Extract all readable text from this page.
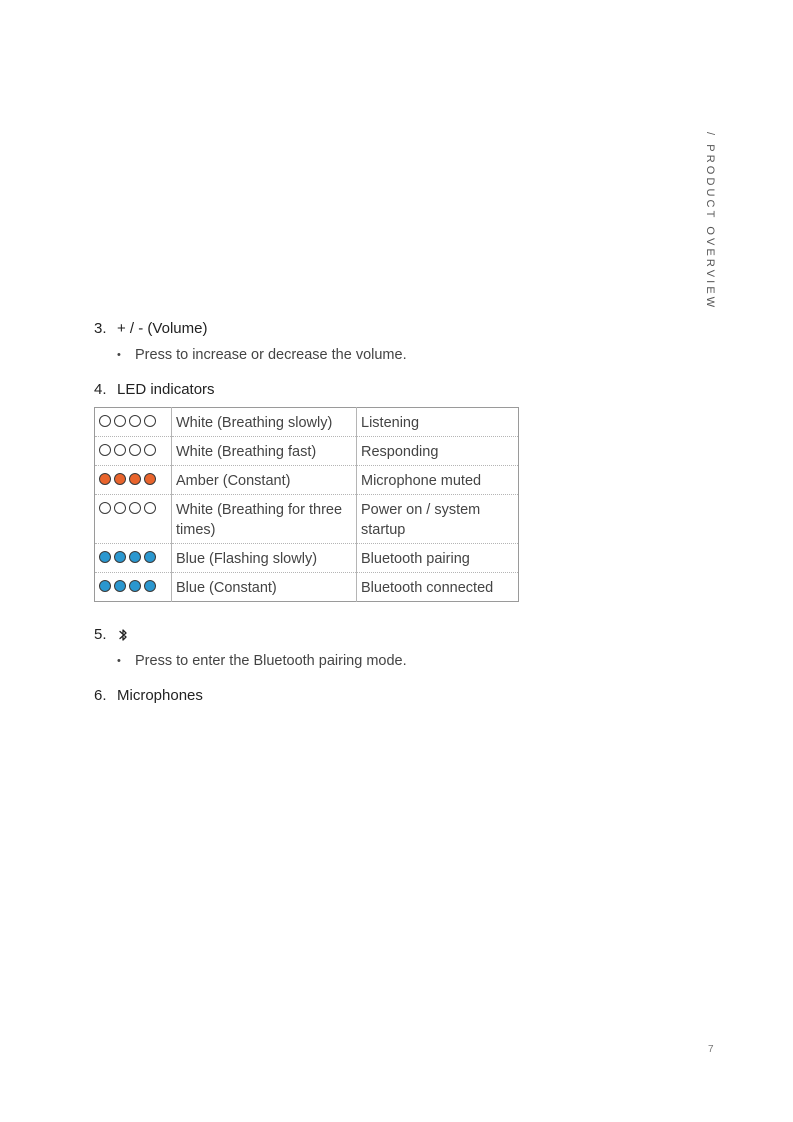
/ PRODUCT OVERVIEW
3. + / - (Volume)
• Press to increase or decrease the volume.
4. LED indicators
	White (Breathing slowly)	Listening

	White (Breathing fast)	Responding

	Amber (Constant)	Microphone muted

	White (Breathing for three times)	Power on / system startup

	Blue (Flashing slowly)	Bluetooth pairing

	Blue (Constant)	Bluetooth connected
5.
• Press to enter the Bluetooth pairing mode.
6. Microphones
7
